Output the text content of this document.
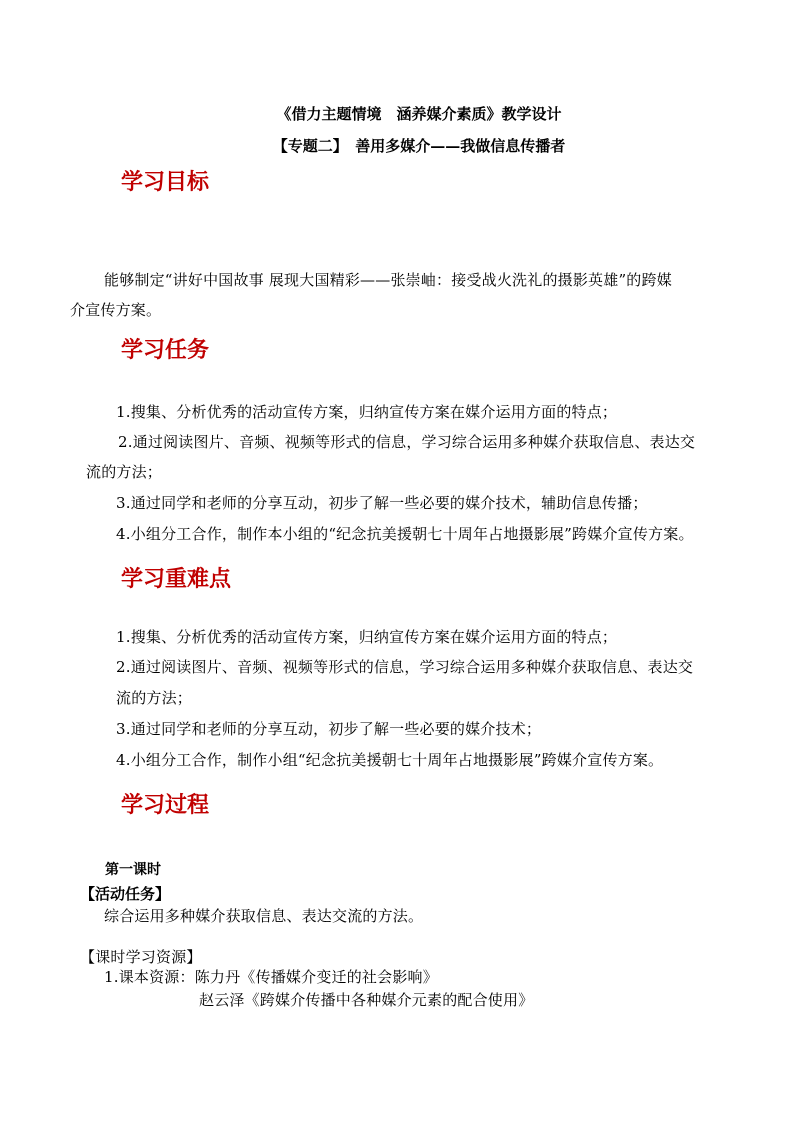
《借力主题情境　涵养媒介素质》教学设计
【专题二】　善用多媒介——我做信息传播者
学习目标
能够制定“讲好中国故事 展现大国精彩——张崇岫：接受战火洗礼的摄影英雄”的跨媒
介宣传方案。
学习任务
1.搜集、分析优秀的活动宣传方案，归纳宣传方案在媒介运用方面的特点；
2.通过阅读图片、音频、视频等形式的信息，学习综合运用多种媒介获取信息、表达交
流的方法；
3.通过同学和老师的分享互动，初步了解一些必要的媒介技术，辅助信息传播；
4.小组分工合作，制作本小组的“纪念抗美援朝七十周年占地摄影展”跨媒介宣传方案。
学习重难点
1.搜集、分析优秀的活动宣传方案，归纳宣传方案在媒介运用方面的特点；
2.通过阅读图片、音频、视频等形式的信息，学习综合运用多种媒介获取信息、表达交
流的方法；
3.通过同学和老师的分享互动，初步了解一些必要的媒介技术；
4.小组分工合作，制作小组“纪念抗美援朝七十周年占地摄影展”跨媒介宣传方案。
学习过程
第一课时
【活动任务】
综合运用多种媒介获取信息、表达交流的方法。
【课时学习资源】
1.课本资源：陈力丹《传播媒介变迁的社会影响》
赵云泽《跨媒介传播中各种媒介元素的配合使用》
